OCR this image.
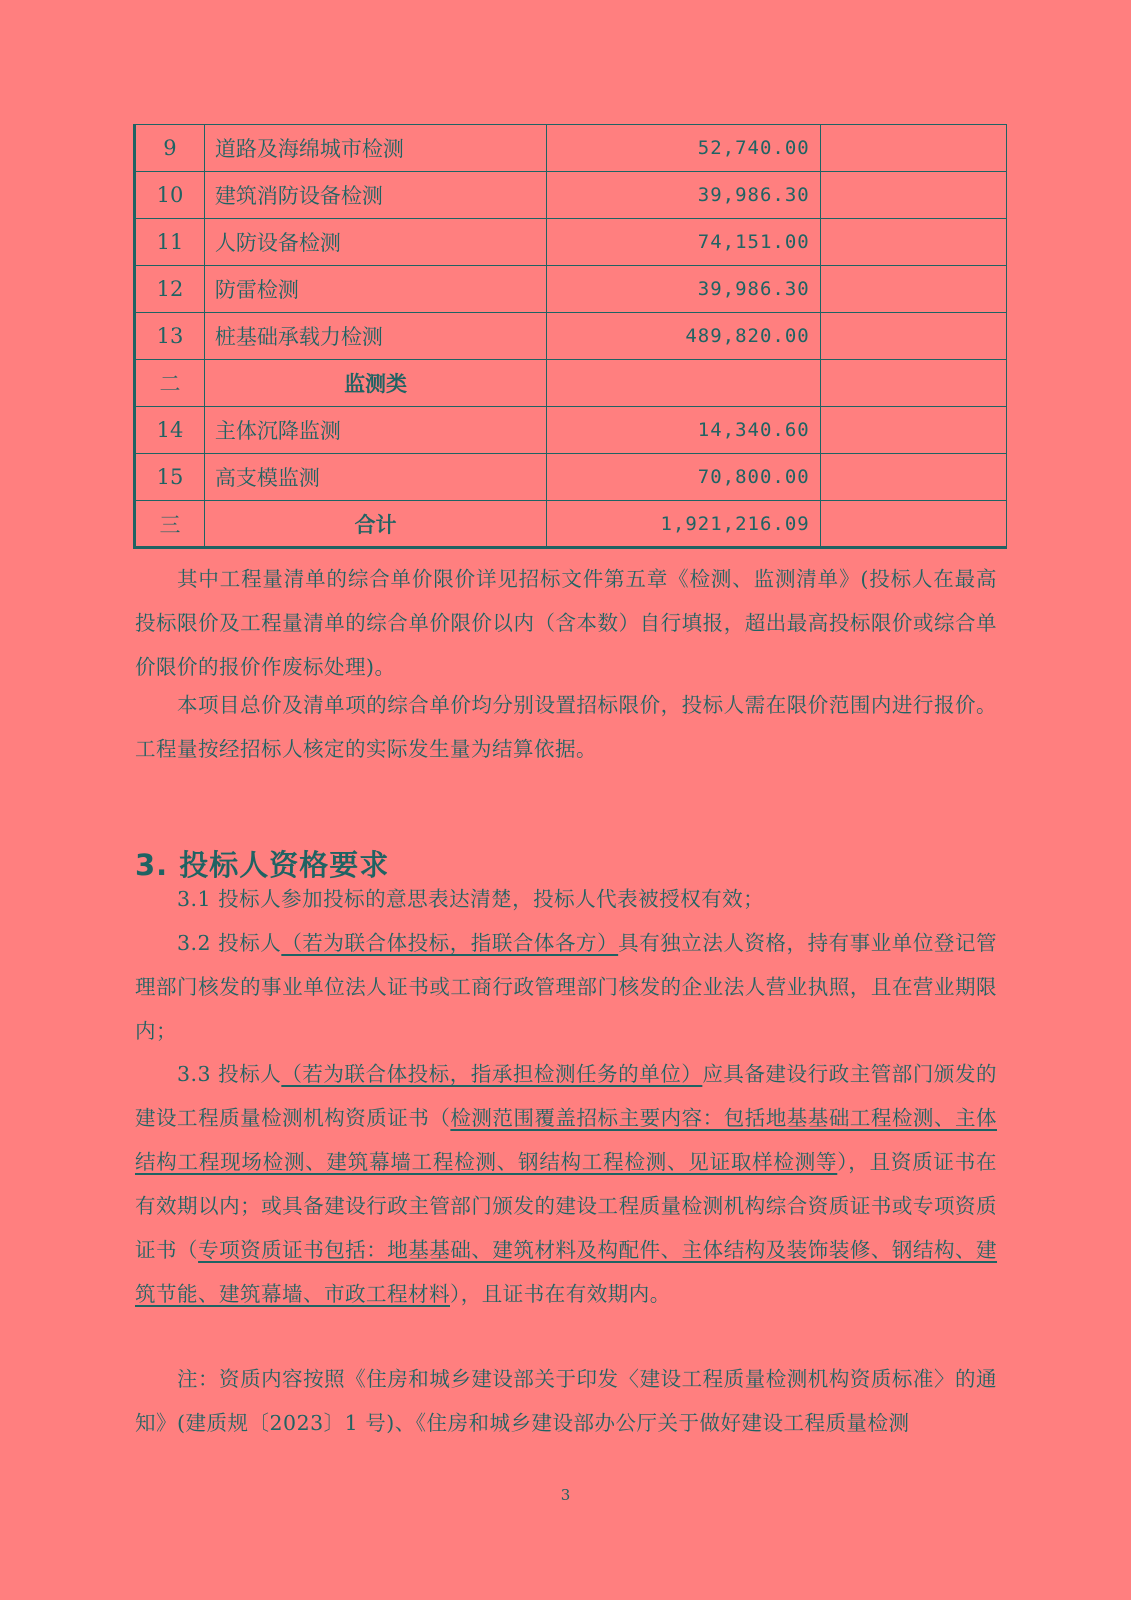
9	道路及海绵城市检测	52,740.00	
10	建筑消防设备检测	39,986.30	
11	人防设备检测	74,151.00	
12	防雷检测	39,986.30	
13	桩基础承载力检测	489,820.00	
二	监测类		
14	主体沉降监测	14,340.60	
15	高支模监测	70,800.00	
三	合计	1,921,216.09	

其中工程量清单的综合单价限价详见招标文件第五章《检测、监测清单》(投标人在最高投标限价及工程量清单的综合单价限价以内（含本数）自行填报，超出最高投标限价或综合单价限价的报价作废标处理)。

本项目总价及清单项的综合单价均分别设置招标限价，投标人需在限价范围内进行报价。工程量按经招标人核定的实际发生量为结算依据。

3. 投标人资格要求

3.1 投标人参加投标的意思表达清楚，投标人代表被授权有效；

3.2 投标人（若为联合体投标，指联合体各方）具有独立法人资格，持有事业单位登记管理部门核发的事业单位法人证书或工商行政管理部门核发的企业法人营业执照，且在营业期限内；

3.3 投标人（若为联合体投标，指承担检测任务的单位）应具备建设行政主管部门颁发的建设工程质量检测机构资质证书（检测范围覆盖招标主要内容：包括地基基础工程检测、主体结构工程现场检测、建筑幕墙工程检测、钢结构工程检测、见证取样检测等），且资质证书在有效期以内；或具备建设行政主管部门颁发的建设工程质量检测机构综合资质证书或专项资质证书（专项资质证书包括：地基基础、建筑材料及构配件、主体结构及装饰装修、钢结构、建筑节能、建筑幕墙、市政工程材料），且证书在有效期内。

注：资质内容按照《住房和城乡建设部关于印发〈建设工程质量检测机构资质标准〉的通知》(建质规〔2023〕1 号)、《住房和城乡建设部办公厅关于做好建设工程质量检测

3
